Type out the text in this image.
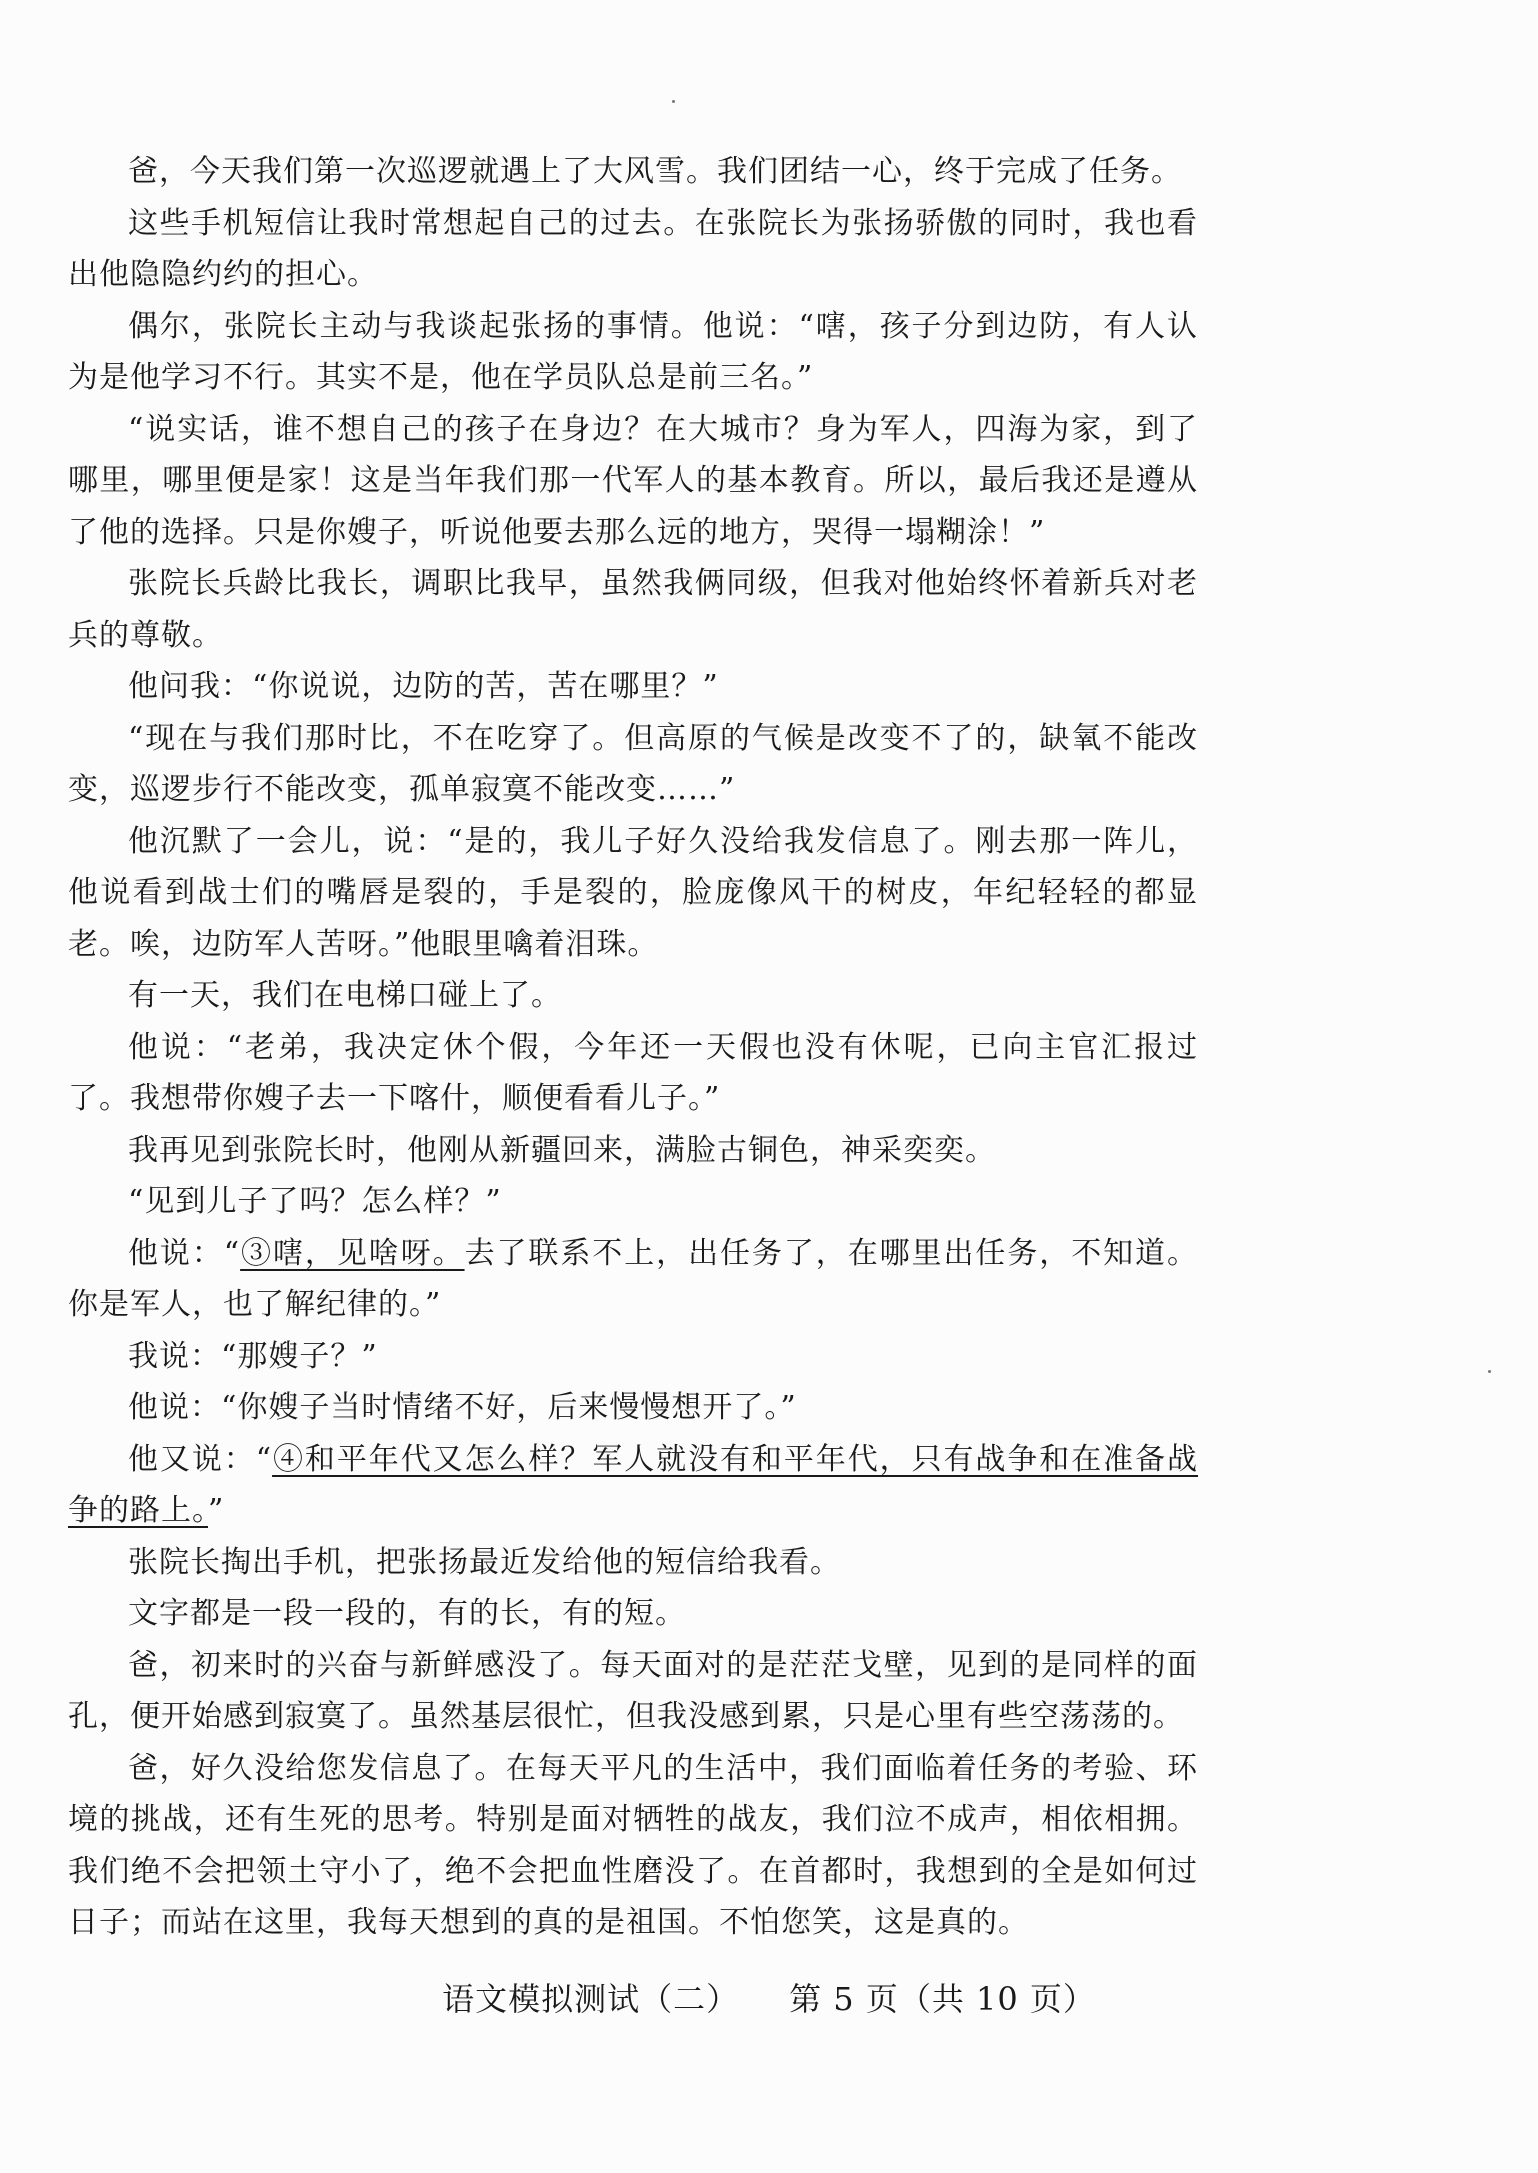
爸，今天我们第一次巡逻就遇上了大风雪。我们团结一心，终于完成了任务。

这些手机短信让我时常想起自己的过去。在张院长为张扬骄傲的同时，我也看出他隐隐约约的担心。

偶尔，张院长主动与我谈起张扬的事情。他说：“嗐，孩子分到边防，有人认为是他学习不行。其实不是，他在学员队总是前三名。”

“说实话，谁不想自己的孩子在身边？在大城市？身为军人，四海为家，到了哪里，哪里便是家！这是当年我们那一代军人的基本教育。所以，最后我还是遵从了他的选择。只是你嫂子，听说他要去那么远的地方，哭得一塌糊涂！”

张院长兵龄比我长，调职比我早，虽然我俩同级，但我对他始终怀着新兵对老兵的尊敬。

他问我：“你说说，边防的苦，苦在哪里？”

“现在与我们那时比，不在吃穿了。但高原的气候是改变不了的，缺氧不能改变，巡逻步行不能改变，孤单寂寞不能改变……”

他沉默了一会儿，说：“是的，我儿子好久没给我发信息了。刚去那一阵儿，他说看到战士们的嘴唇是裂的，手是裂的，脸庞像风干的树皮，年纪轻轻的都显老。唉，边防军人苦呀。”他眼里噙着泪珠。

有一天，我们在电梯口碰上了。

他说：“老弟，我决定休个假，今年还一天假也没有休呢，已向主官汇报过了。我想带你嫂子去一下喀什，顺便看看儿子。”

我再见到张院长时，他刚从新疆回来，满脸古铜色，神采奕奕。

“见到儿子了吗？怎么样？”

他说：“③嗐，见啥呀。去了联系不上，出任务了，在哪里出任务，不知道。你是军人，也了解纪律的。”

我说：“那嫂子？”

他说：“你嫂子当时情绪不好，后来慢慢想开了。”

他又说：“④和平年代又怎么样？军人就没有和平年代，只有战争和在准备战争的路上。”

张院长掏出手机，把张扬最近发给他的短信给我看。

文字都是一段一段的，有的长，有的短。

爸，初来时的兴奋与新鲜感没了。每天面对的是茫茫戈壁，见到的是同样的面孔，便开始感到寂寞了。虽然基层很忙，但我没感到累，只是心里有些空荡荡的。

爸，好久没给您发信息了。在每天平凡的生活中，我们面临着任务的考验、环境的挑战，还有生死的思考。特别是面对牺牲的战友，我们泣不成声，相依相拥。我们绝不会把领土守小了，绝不会把血性磨没了。在首都时，我想到的全是如何过日子；而站在这里，我每天想到的真的是祖国。不怕您笑，这是真的。

语文模拟测试（二） 第 5 页（共 10 页）
